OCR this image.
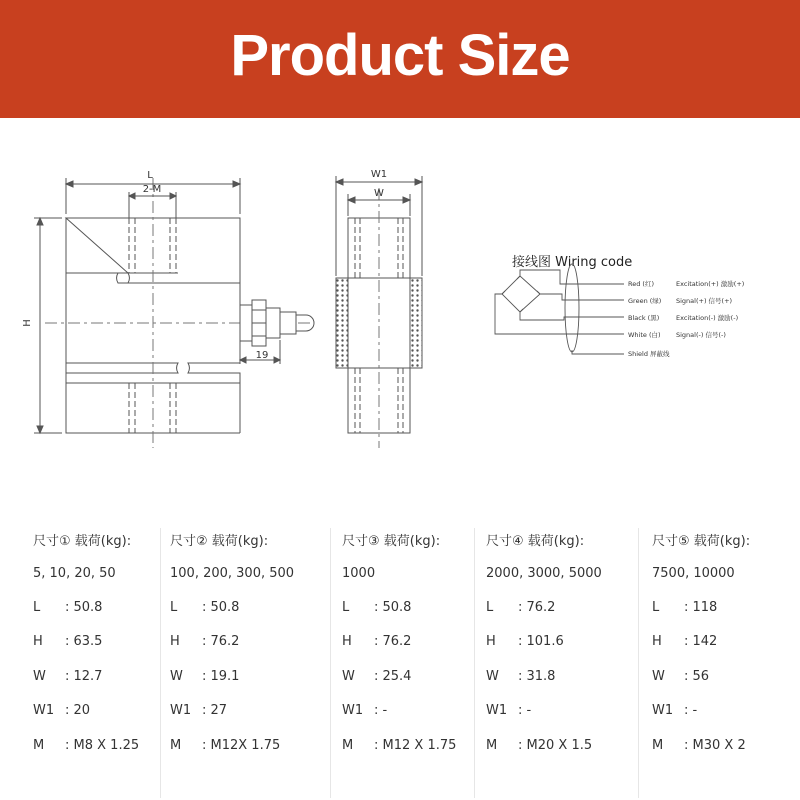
Product Size
L
2-M
H
19
W1
W
接线图 Wiring code
Red (红)	Excitation(+) 激励(+)
Green (绿) Signal(+) 信号(+)
Black (黑)	Excitation(-) 激励(-)
White (白) Signal(-) 信号(-)
Shield 屏蔽线
尺寸① 载荷(kg):
5, 10, 20, 50
L : 50.8
H : 63.5
W : 12.7
W1 : 20
M : M8 X 1.25
尺寸② 载荷(kg):
100, 200, 300, 500
L : 50.8
H : 76.2
W : 19.1
W1 : 27
M : M12X 1.75
尺寸③ 载荷(kg):
1000
L : 50.8
H : 76.2
W : 25.4
W1 : -
M : M12 X 1.75
尺寸④ 载荷(kg):
2000, 3000, 5000
L : 76.2
H : 101.6
W : 31.8
W1 : -
M : M20 X 1.5
尺寸⑤ 载荷(kg):
7500, 10000
L : 118
H : 142
W : 56
W1 : -
M : M30 X 2
